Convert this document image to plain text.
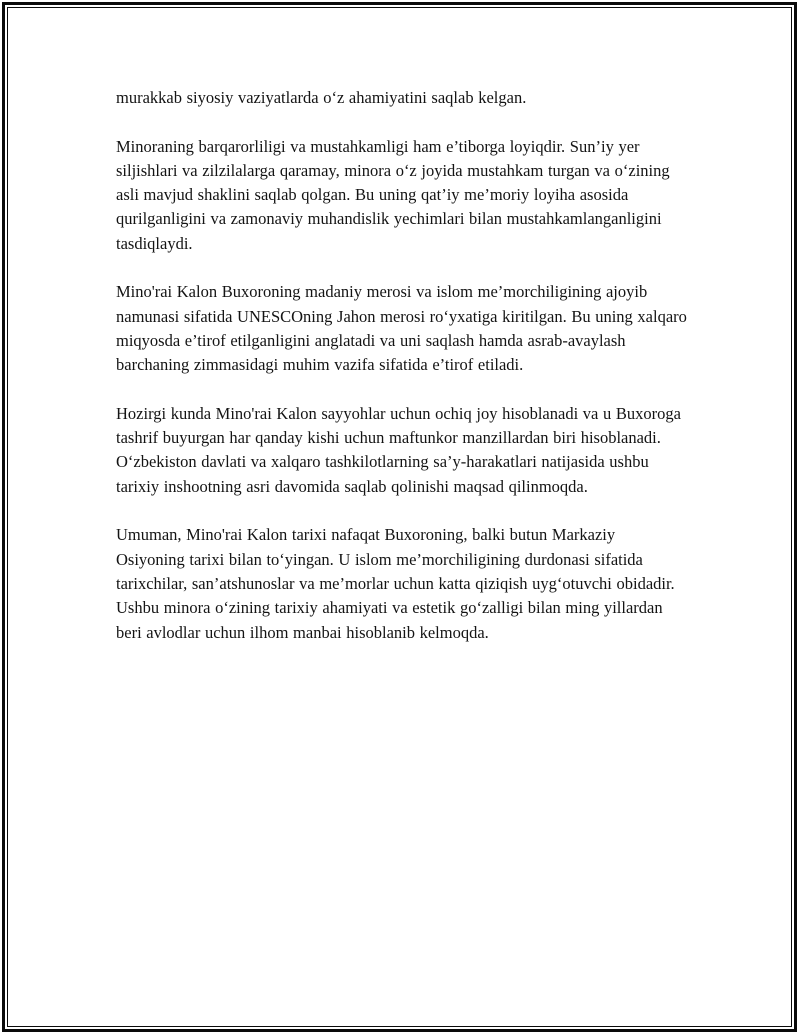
murakkab siyosiy vaziyatlarda oʻz ahamiyatini saqlab kelgan.

Minoraning barqarorliligi va mustahkamligi ham e’tiborga loyiqdir. Sun’iy yer siljishlari va zilzilalarga qaramay, minora oʻz joyida mustahkam turgan va oʻzining asli mavjud shaklini saqlab qolgan. Bu uning qat’iy me’moriy loyiha asosida qurilganligini va zamonaviy muhandislik yechimlari bilan mustahkamlanganligini tasdiqlaydi.

Mino'rai Kalon Buxoroning madaniy merosi va islom me’morchiligining ajoyib namunasi sifatida UNESCOning Jahon merosi roʻyxatiga kiritilgan. Bu uning xalqaro miqyosda e’tirof etilganligini anglatadi va uni saqlash hamda asrab-avaylash barchaning zimmasidagi muhim vazifa sifatida e’tirof etiladi.

Hozirgi kunda Mino'rai Kalon sayyohlar uchun ochiq joy hisoblanadi va u Buxoroga tashrif buyurgan har qanday kishi uchun maftunkor manzillardan biri hisoblanadi. Oʻzbekiston davlati va xalqaro tashkilotlarning sa’y-harakatlari natijasida ushbu tarixiy inshootning asri davomida saqlab qolinishi maqsad qilinmoqda.

Umuman, Mino'rai Kalon tarixi nafaqat Buxoroning, balki butun Markaziy Osiyoning tarixi bilan toʻyingan. U islom me’morchiligining durdonasi sifatida tarixchilar, san’atshunoslar va me’morlar uchun katta qiziqish uygʻotuvchi obidadir. Ushbu minora oʻzining tarixiy ahamiyati va estetik goʻzalligi bilan ming yillardan beri avlodlar uchun ilhom manbai hisoblanib kelmoqda.
